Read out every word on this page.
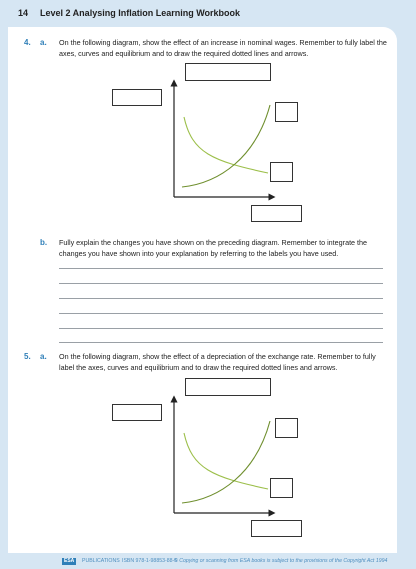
14 Level 2 Analysing Inflation Learning Workbook
4. a. On the following diagram, show the effect of an increase in nominal wages. Remember to fully label the
axes, curves and equilibrium and to draw the required dotted lines and arrows.
b. Fully explain the changes you have shown on the preceding diagram. Remember to integrate the
changes you have shown into your explanation by referring to the labels you have used.
5. a. On the following diagram, show the effect of a depreciation of the exchange rate. Remember to fully
label the axes, curves and equilibrium and to draw the required dotted lines and arrows.
ESA	PUBLICATIONS ISBN 978-1-98853-88-5
© Copying or scanning from ESA books is subject to the provisions of the Copyright Act 1994
